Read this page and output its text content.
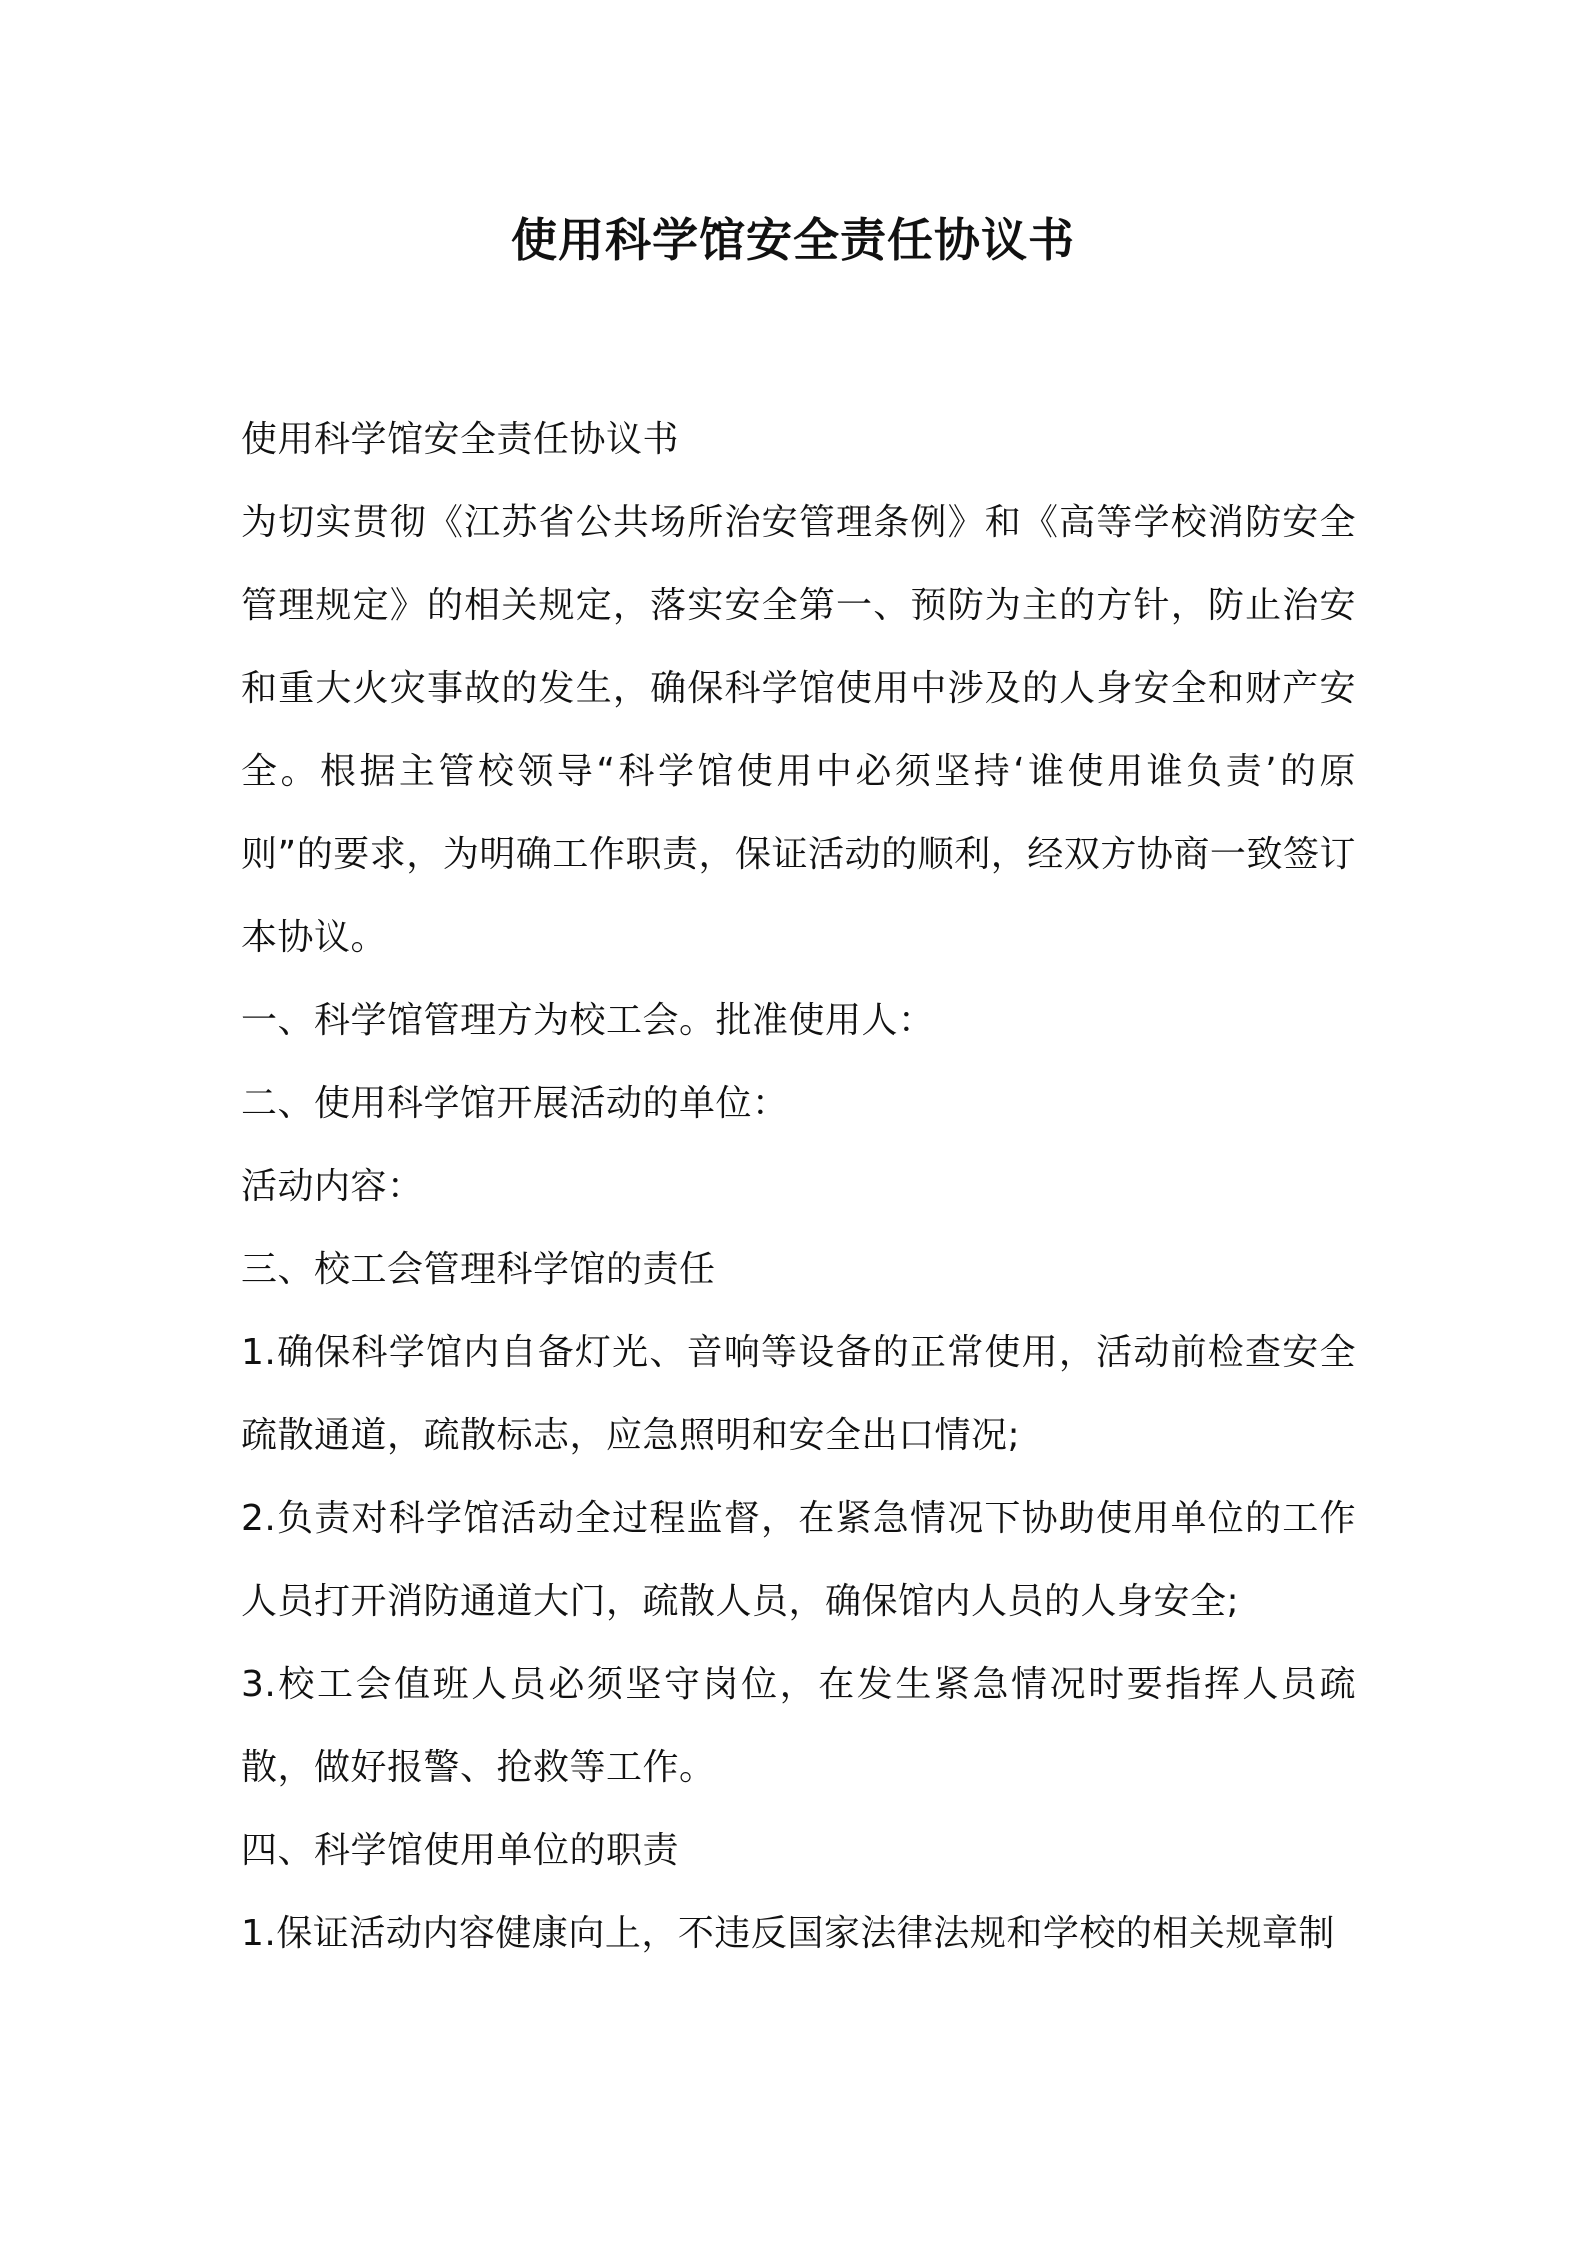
使用科学馆安全责任协议书

使用科学馆安全责任协议书

为切实贯彻《江苏省公共场所治安管理条例》和《高等学校消防安全管理规定》的相关规定，落实安全第一、预防为主的方针，防止治安和重大火灾事故的发生，确保科学馆使用中涉及的人身安全和财产安全。根据主管校领导“科学馆使用中必须坚持‘谁使用谁负责’的原则”的要求，为明确工作职责，保证活动的顺利，经双方协商一致签订本协议。

一、科学馆管理方为校工会。批准使用人：

二、使用科学馆开展活动的单位：

活动内容：

三、校工会管理科学馆的责任

1.确保科学馆内自备灯光、音响等设备的正常使用，活动前检查安全疏散通道，疏散标志，应急照明和安全出口情况;

2.负责对科学馆活动全过程监督，在紧急情况下协助使用单位的工作人员打开消防通道大门，疏散人员，确保馆内人员的人身安全;

3.校工会值班人员必须坚守岗位，在发生紧急情况时要指挥人员疏散，做好报警、抢救等工作。

四、科学馆使用单位的职责

1.保证活动内容健康向上，不违反国家法律法规和学校的相关规章制
